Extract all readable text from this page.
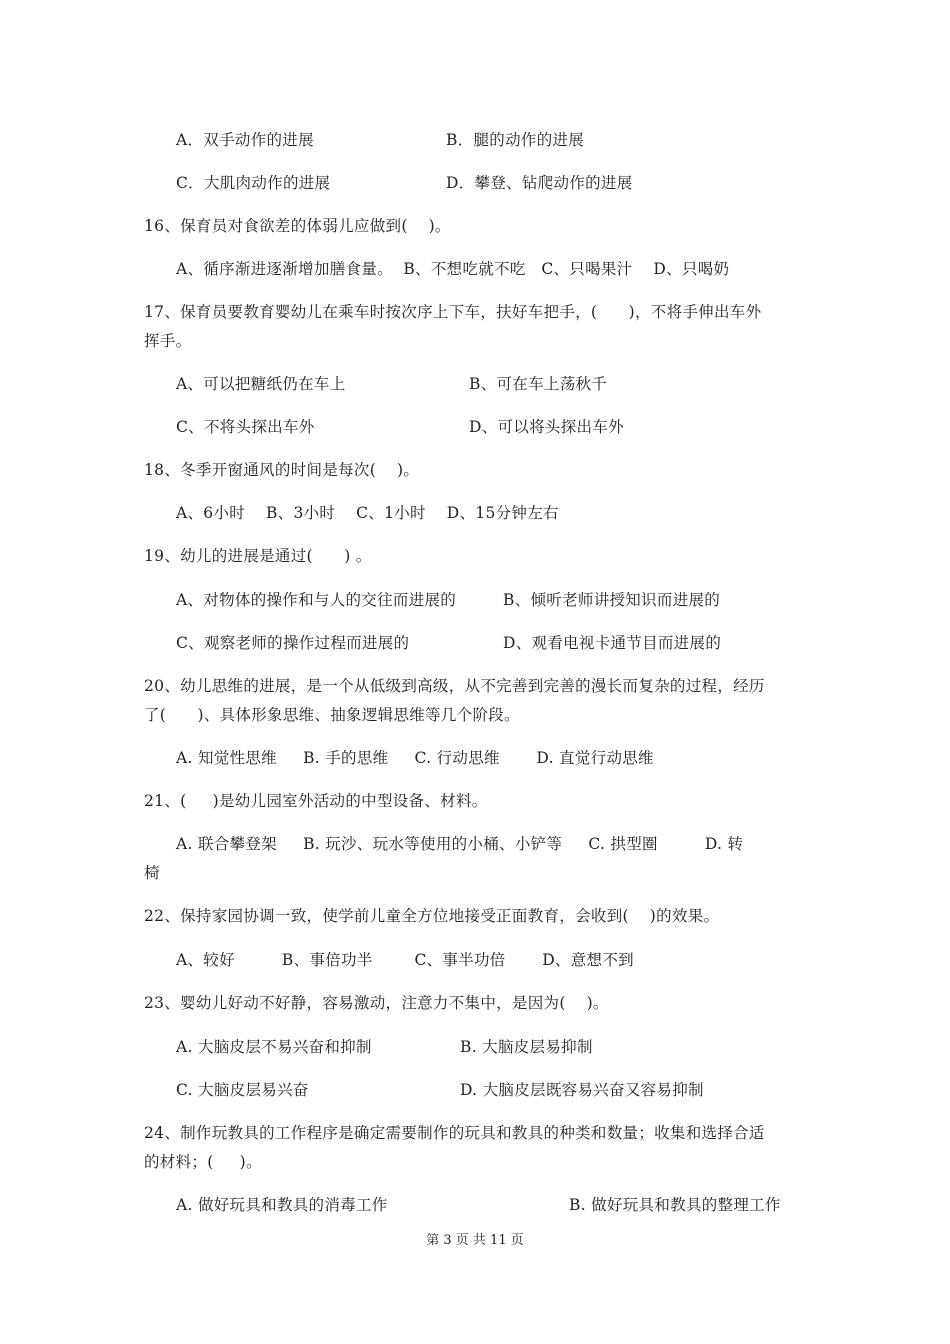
A．双手动作的进展	B．腿的动作的进展
C．大肌肉动作的进展	D．攀登、钻爬动作的进展
16、保育员对食欲差的体弱儿应做到(    )。
A、循序渐进逐渐增加膳食量。  B、不想吃就不吃   C、只喝果汁    D、只喝奶
17、保育员要教育婴幼儿在乘车时按次序上下车，扶好车把手，(      )，不将手伸出车外
挥手。
A、可以把糖纸仍在车上	B、可在车上荡秋千
C、不将头探出车外	D、可以将头探出车外
18、冬季开窗通风的时间是每次(    )。
A、6小时    B、3小时    C、1小时    D、15分钟左右
19、幼儿的进展是通过(      ) 。
A、对物体的操作和与人的交往而进展的	B、倾听老师讲授知识而进展的
C、观察老师的操作过程而进展的	D、观看电视卡通节目而进展的
20、幼儿思维的进展，是一个从低级到高级，从不完善到完善的漫长而复杂的过程，经历
了(      )、具体形象思维、抽象逻辑思维等几个阶段。
A. 知觉性思维     B. 手的思维     C. 行动思维       D. 直觉行动思维
21、(     )是幼儿园室外活动的中型设备、材料。
A. 联合攀登架     B. 玩沙、玩水等使用的小桶、小铲等     C. 拱型圈         D. 转
椅
22、保持家园协调一致，使学前儿童全方位地接受正面教育，会收到(    )的效果。
A、较好         B、事倍功半        C、事半功倍       D、意想不到
23、婴幼儿好动不好静，容易激动，注意力不集中，是因为(    )。
A. 大脑皮层不易兴奋和抑制	B. 大脑皮层易抑制
C. 大脑皮层易兴奋	D. 大脑皮层既容易兴奋又容易抑制
24、制作玩教具的工作程序是确定需要制作的玩具和教具的种类和数量；收集和选择合适
的材料；(     )。
A. 做好玩具和教具的消毒工作	B. 做好玩具和教具的整理工作
第 3 页 共 11 页
